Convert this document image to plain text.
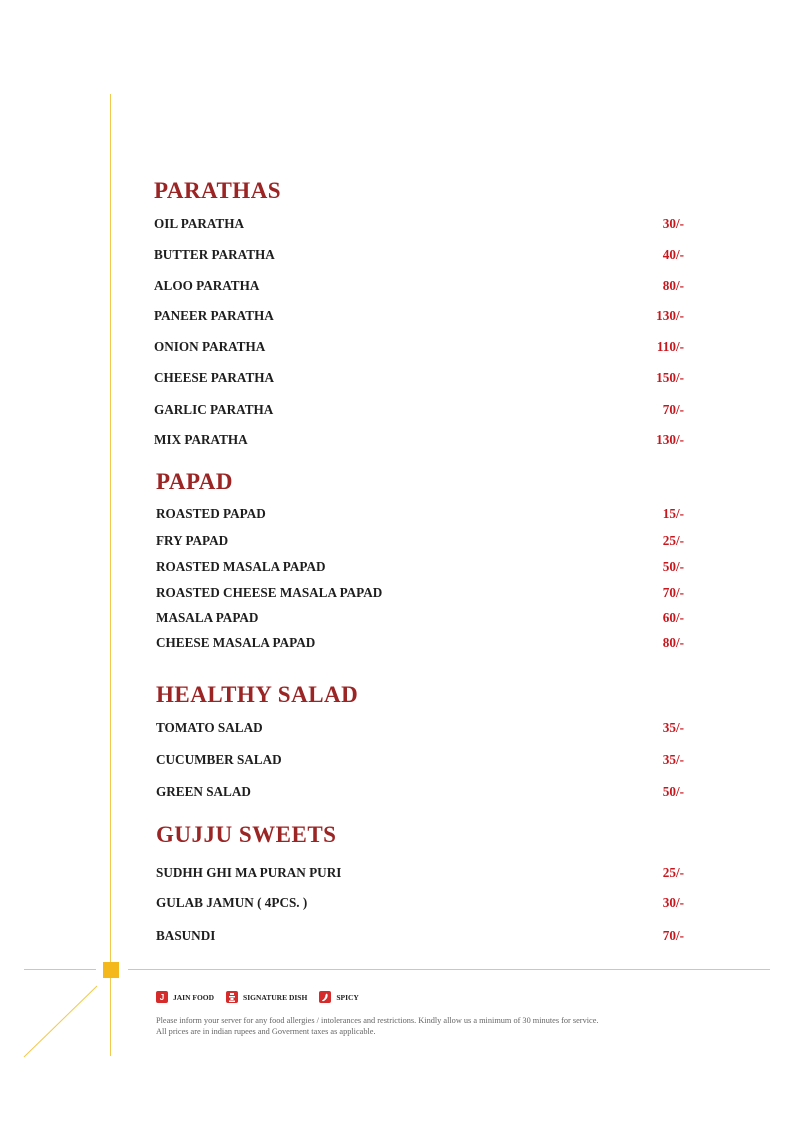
PARATHAS
OIL PARATHA	30/-
BUTTER PARATHA	40/-
ALOO PARATHA	80/-
PANEER PARATHA	130/-
ONION PARATHA	110/-
CHEESE PARATHA	150/-
GARLIC PARATHA	70/-
MIX PARATHA	130/-
PAPAD
ROASTED PAPAD	15/-
FRY PAPAD	25/-
ROASTED MASALA PAPAD	50/-
ROASTED CHEESE MASALA PAPAD	70/-
MASALA PAPAD	60/-
CHEESE MASALA PAPAD	80/-
HEALTHY SALAD
TOMATO SALAD	35/-
CUCUMBER SALAD	35/-
GREEN SALAD	50/-
GUJJU SWEETS
SUDHH GHI MA PURAN PURI	25/-
GULAB JAMUN ( 4PCS. )	30/-
BASUNDI	70/-
J	JAIN FOOD	SIGNATURE DISH	SPICY
Please inform your server for any food allergies / intolerances and restrictions. Kindly allow us a minimum of 30 minutes for service.
All prices are in indian rupees and Goverment taxes as applicable.
